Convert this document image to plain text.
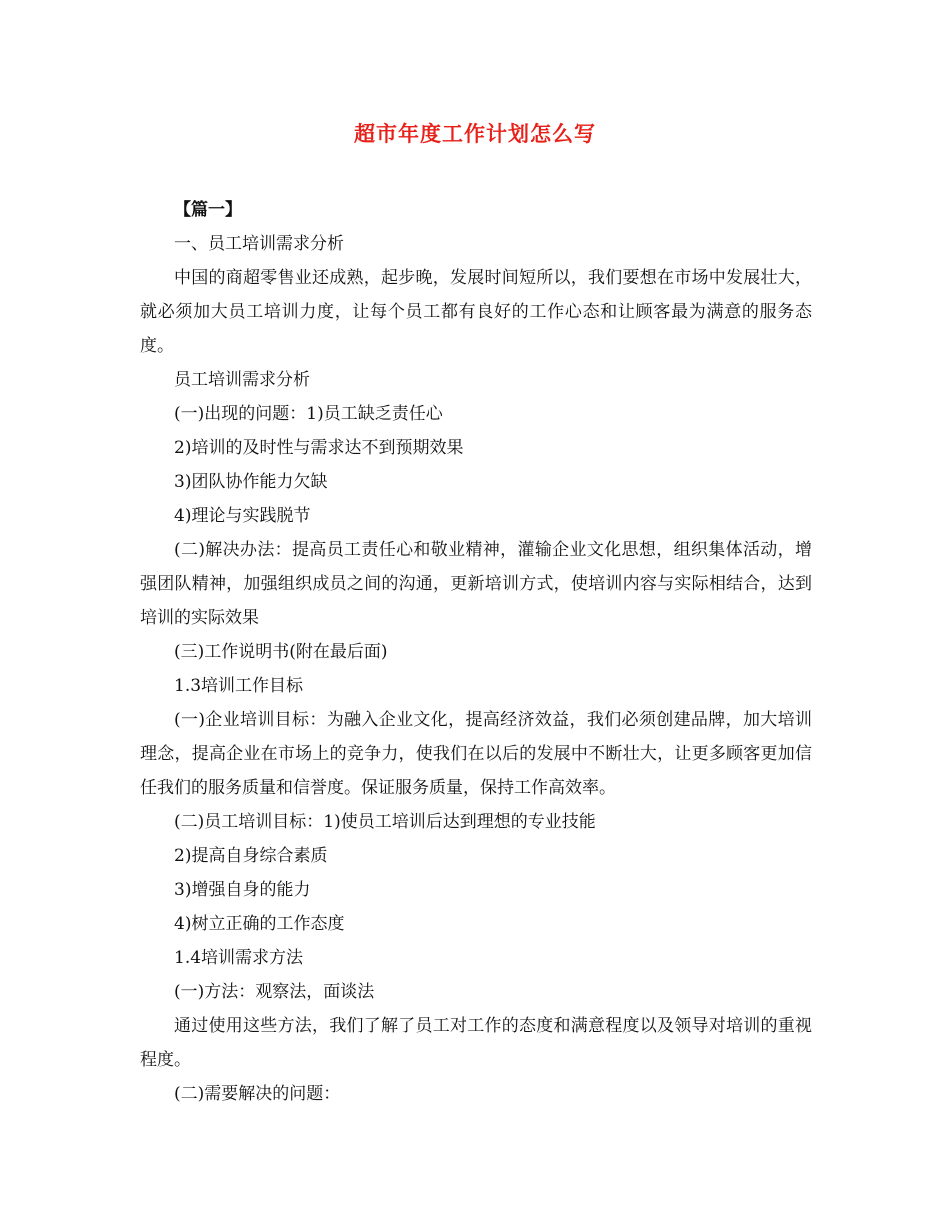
超市年度工作计划怎么写

【篇一】

一、员工培训需求分析

中国的商超零售业还成熟，起步晚，发展时间短所以，我们要想在市场中发展壮大，就必须加大员工培训力度，让每个员工都有良好的工作心态和让顾客最为满意的服务态度。

员工培训需求分析

(一)出现的问题：1)员工缺乏责任心

2)培训的及时性与需求达不到预期效果

3)团队协作能力欠缺

4)理论与实践脱节

(二)解决办法：提高员工责任心和敬业精神，灌输企业文化思想，组织集体活动，增强团队精神，加强组织成员之间的沟通，更新培训方式，使培训内容与实际相结合，达到培训的实际效果

(三)工作说明书(附在最后面)

1.3培训工作目标

(一)企业培训目标：为融入企业文化，提高经济效益，我们必须创建品牌，加大培训理念，提高企业在市场上的竞争力，使我们在以后的发展中不断壮大，让更多顾客更加信任我们的服务质量和信誉度。保证服务质量，保持工作高效率。

(二)员工培训目标：1)使员工培训后达到理想的专业技能

2)提高自身综合素质

3)增强自身的能力

4)树立正确的工作态度

1.4培训需求方法

(一)方法：观察法，面谈法

通过使用这些方法，我们了解了员工对工作的态度和满意程度以及领导对培训的重视程度。

(二)需要解决的问题：
